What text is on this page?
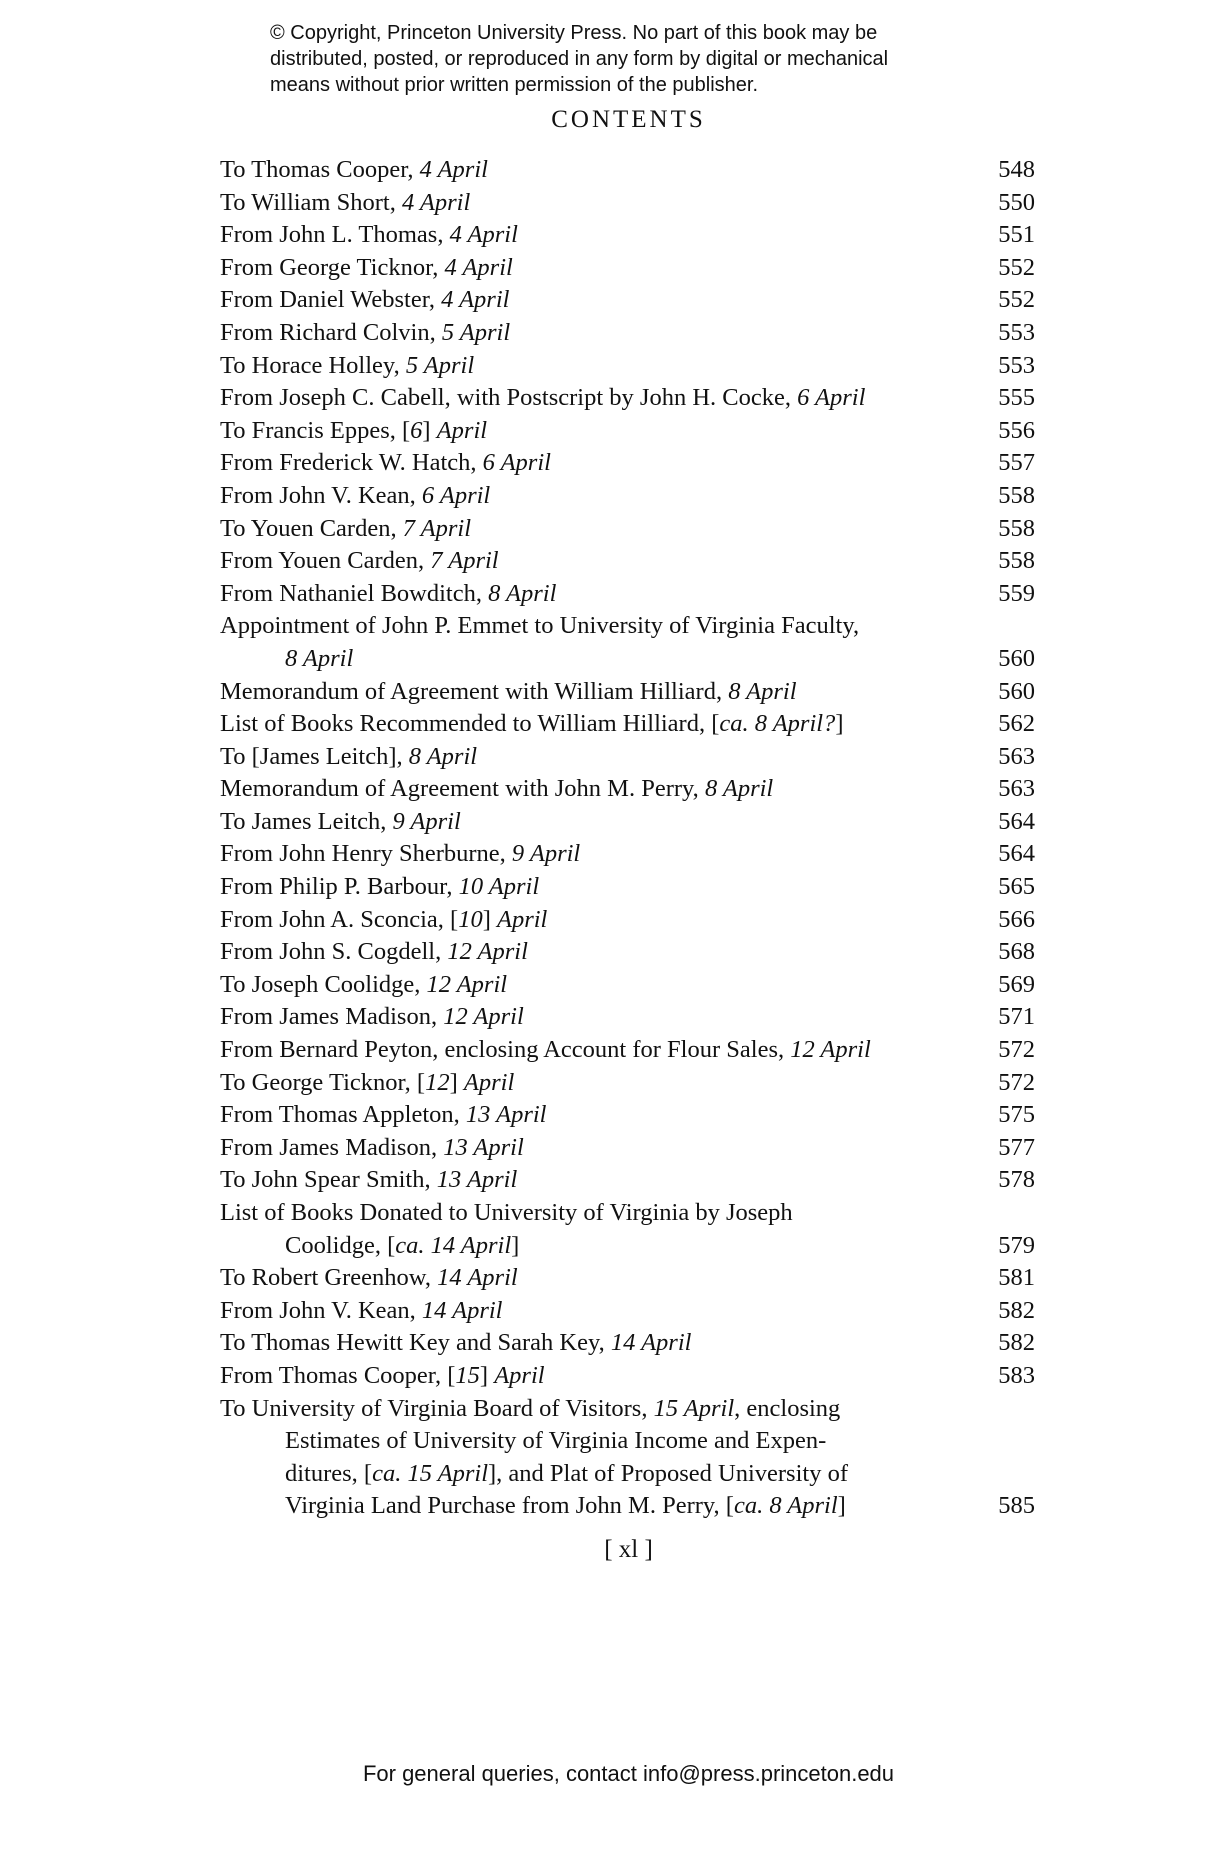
© Copyright, Princeton University Press. No part of this book may be
distributed, posted, or reproduced in any form by digital or mechanical
means without prior written permission of the publisher.
CONTENTS
To Thomas Cooper, 4 April	548
To William Short, 4 April	550
From John L. Thomas, 4 April	551
From George Ticknor, 4 April	552
From Daniel Webster, 4 April	552
From Richard Colvin, 5 April	553
To Horace Holley, 5 April	553
From Joseph C. Cabell, with Postscript by John H. Cocke, 6 April	555
To Francis Eppes, [6] April	556
From Frederick W. Hatch, 6 April	557
From John V. Kean, 6 April	558
To Youen Carden, 7 April	558
From Youen Carden, 7 April	558
From Nathaniel Bowditch, 8 April	559
Appointment of John P. Emmet to University of Virginia Faculty,
8 April	560
Memorandum of Agreement with William Hilliard, 8 April	560
List of Books Recommended to William Hilliard, [ca. 8 April?]	562
To [James Leitch], 8 April	563
Memorandum of Agreement with John M. Perry, 8 April	563
To James Leitch, 9 April	564
From John Henry Sherburne, 9 April	564
From Philip P. Barbour, 10 April	565
From John A. Sconcia, [10] April	566
From John S. Cogdell, 12 April	568
To Joseph Coolidge, 12 April	569
From James Madison, 12 April	571
From Bernard Peyton, enclosing Account for Flour Sales, 12 April	572
To George Ticknor, [12] April	572
From Thomas Appleton, 13 April	575
From James Madison, 13 April	577
To John Spear Smith, 13 April	578
List of Books Donated to University of Virginia by Joseph
Coolidge, [ca. 14 April]	579
To Robert Greenhow, 14 April	581
From John V. Kean, 14 April	582
To Thomas Hewitt Key and Sarah Key, 14 April	582
From Thomas Cooper, [15] April	583
To University of Virginia Board of Visitors, 15 April, enclosing
Estimates of University of Virginia Income and Expen-
ditures, [ca. 15 April], and Plat of Proposed University of
Virginia Land Purchase from John M. Perry, [ca. 8 April]	585
[ xl ]
For general queries, contact info@press.princeton.edu
